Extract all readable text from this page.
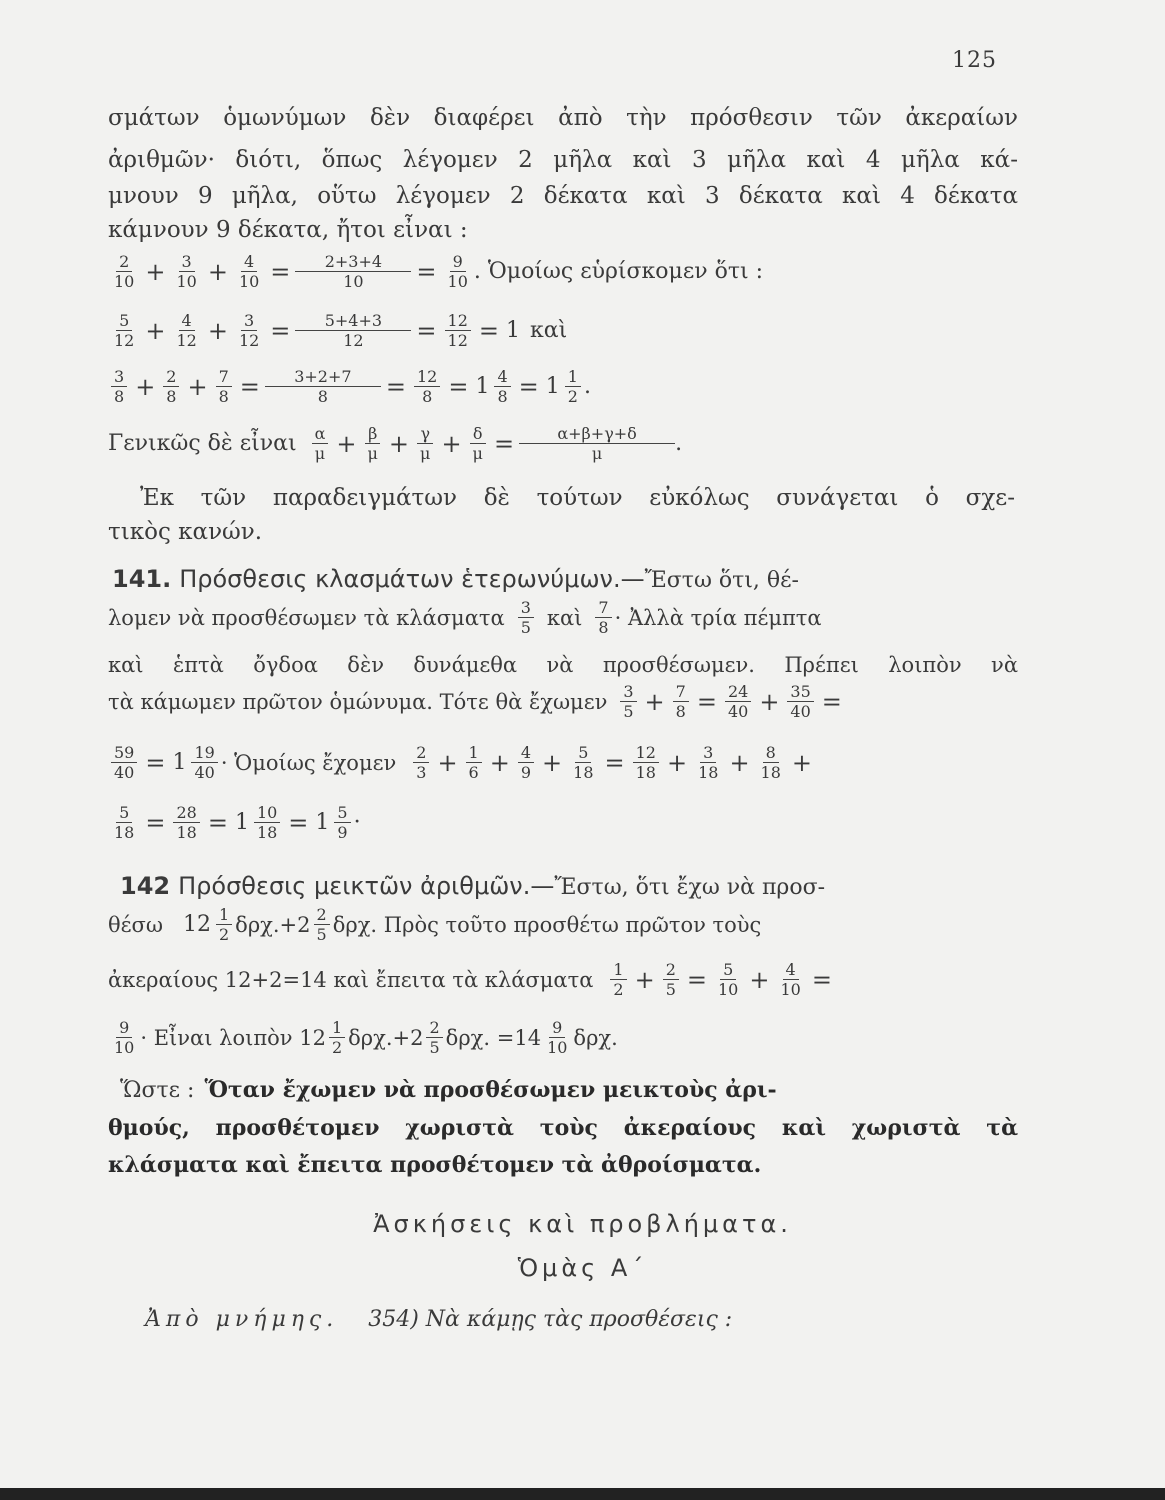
125
σμάτων ὁμωνύμων δὲν διαφέρει ἀπὸ τὴν πρόσθεσιν τῶν ἀκεραίων
ἀριθμῶν· διότι, ὅπως λέγομεν 2 μῆλα καὶ 3 μῆλα καὶ 4 μῆλα κά-
μνουν 9 μῆλα, οὕτω λέγομεν 2 δέκατα καὶ 3 δέκατα καὶ 4 δέκατα
κάμνουν 9 δέκατα, ἤτοι εἶναι :
$\frac{2}{10} + \frac{3}{10} + \frac{4}{10} = \frac{2+3+4}{10} = \frac{9}{10}$ . Ὁμοίως εὑρίσκομεν ὅτι :
$\frac{5}{12} + \frac{4}{12} + \frac{3}{12} = \frac{5+4+3}{12} = \frac{12}{12} = 1$ καὶ
$\frac{3}{8} + \frac{2}{8} + \frac{7}{8} = \frac{3+2+7}{8} = \frac{12}{8} = 1 \frac{4}{8} = 1 \frac{1}{2}$ .
Γενικῶς δὲ εἶναι $\frac{\alpha}{\mu} + \frac{\beta}{\mu} + \frac{\gamma}{\mu} + \frac{\delta}{\mu} = \frac{\alpha+\beta+\gamma+\delta}{\mu}$ .
Ἐκ τῶν παραδειγμάτων δὲ τούτων εὐκόλως συνάγεται ὁ σχε-
τικὸς κανών.
141. Πρόσθεσις κλασμάτων ἑτερωνύμων.—Ἔστω ὅτι, θέ-
λομεν νὰ προσθέσωμεν τὰ κλάσματα $\frac{3}{5}$ καὶ $\frac{7}{8}$ · Ἀλλὰ τρία πέμπτα
καὶ ἑπτὰ ὄγδοα δὲν δυνάμεθα νὰ προσθέσωμεν. Πρέπει λοιπὸν νὰ
τὰ κάμωμεν πρῶτον ὁμώνυμα. Τότε θὰ ἔχωμεν $\frac{3}{5} + \frac{7}{8} = \frac{24}{40} + \frac{35}{40}$ =
$\frac{59}{40} = 1 \frac{19}{40}$ · Ὁμοίως ἔχομεν $\frac{2}{3} + \frac{1}{6} + \frac{4}{9} + \frac{5}{18} = \frac{12}{18} + \frac{3}{18} + \frac{8}{18}$ +
$\frac{5}{18} = \frac{28}{18} = 1 \frac{10}{18} = 1 \frac{5}{9}$ ·
142 Πρόσθεσις μεικτῶν ἀριθμῶν.—Ἔστω, ὅτι ἔχω νὰ προσ-
θέσω $12 \frac{1}{2} \delta\rho\chi.+2 \frac{2}{5} \delta\rho\chi$. Πρὸς τοῦτο προσθέτω πρῶτον τοὺς
ἀκεραίους 12+2=14 καὶ ἔπειτα τὰ κλάσματα $\frac{1}{2} + \frac{2}{5} = \frac{5}{10} + \frac{4}{10}$ =
$\frac{9}{10}$ · Εἶναι λοιπὸν $12 \frac{1}{2} \delta\rho\chi.+2 \frac{2}{5} \delta\rho\chi$. $=14 \frac{9}{10} \delta\rho\chi$.
Ὥστε : Ὅταν ἔχωμεν νὰ προσθέσωμεν μεικτοὺς ἀρι-
θμούς, προσθέτομεν χωριστὰ τοὺς ἀκεραίους καὶ χωριστὰ τὰ
κλάσματα καὶ ἔπειτα προσθέτομεν τὰ ἀθροίσματα.
Ἀσκήσεις καὶ προβλήματα.
Ὁμὰς Α΄
Ἀπὸ μνήμης. 354) Νὰ κάμῃς τὰς προσθέσεις :
